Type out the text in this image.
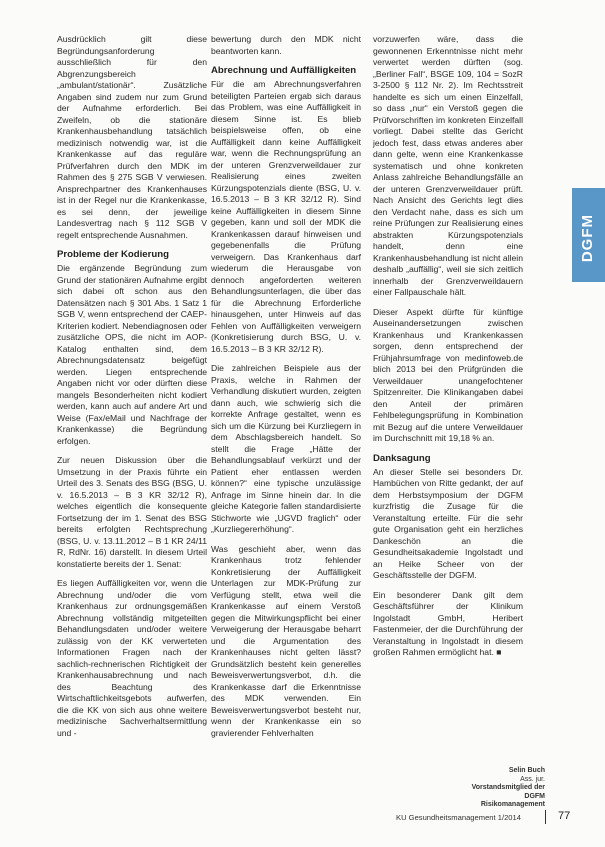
Ausdrücklich gilt diese Begründungsanforderung ausschließlich für den Abgrenzungsbereich „ambulant/stationär“. Zusätzliche Angaben sind zudem nur zum Grund der Aufnahme erforderlich. Bei Zweifeln, ob die stationäre Krankenhausbehandlung tatsächlich medizinisch notwendig war, ist die Krankenkasse auf das reguläre Prüfverfahren durch den MDK im Rahmen des § 275 SGB V verwiesen. Ansprechpartner des Krankenhauses ist in der Regel nur die Krankenkasse, es sei denn, der jeweilige Landesvertrag nach § 112 SGB V regelt entsprechende Ausnahmen.

Probleme der Kodierung

Die ergänzende Begründung zum Grund der stationären Aufnahme ergibt sich dabei oft schon aus den Datensätzen nach § 301 Abs. 1 Satz 1 SGB V, wenn entsprechend der CAEP-Kriterien kodiert. Nebendiagnosen oder zusätzliche OPS, die nicht im AOP-Katalog enthalten sind, dem Abrechnungsdatensatz beigefügt werden. Liegen entsprechende Angaben nicht vor oder dürften diese mangels Besonderheiten nicht kodiert werden, kann auch auf andere Art und Weise (Fax/eMail und Nachfrage der Krankenkasse) die Begründung erfolgen.

Zur neuen Diskussion über die Umsetzung in der Praxis führte ein Urteil des 3. Senats des BSG (BSG, U. v. 16.5.2013 – B 3 KR 32/12 R), welches eigentlich die konsequente Fortsetzung der im 1. Senat des BSG bereits erfolgten Rechtsprechung (BSG, U. v. 13.11.2012 – B 1 KR 24/11 R, RdNr. 16) darstellt. In diesem Urteil konstatierte bereits der 1. Senat:

Es liegen Auffälligkeiten vor, wenn die Abrechnung und/oder die vom Krankenhaus zur ordnungsgemäßen Abrechnung vollständig mitgeteilten Behandlungsdaten und/oder weitere zulässig von der KK verwerteten Informationen Fragen nach der sachlich-rechnerischen Richtigkeit der Krankenhausabrechnung und nach des Beachtung des Wirtschaftlichkeitsgebots aufwerfen, die die KK von sich aus ohne weitere medizinische Sachverhaltsermittlung und -

bewertung durch den MDK nicht beantworten kann.

Abrechnung und Auffälligkeiten

Für die am Abrechnungsverfahren beteiligten Parteien ergab sich daraus das Problem, was eine Auffälligkeit in diesem Sinne ist. Es blieb beispielsweise offen, ob eine Auffälligkeit dann keine Auffälligkeit war, wenn die Rechnungsprüfung an der unteren Grenzverweildauer zur Realisierung eines zweiten Kürzungspotenzials diente (BSG, U. v. 16.5.2013 – B 3 KR 32/12 R). Sind keine Auffälligkeiten in diesem Sinne gegeben, kann und soll der MDK die Krankenkassen darauf hinweisen und gegebenenfalls die Prüfung verweigern. Das Krankenhaus darf wiederum die Herausgabe von dennoch angeforderten weiteren Behandlungsunterlagen, die über das für die Abrechnung Erforderliche hinausgehen, unter Hinweis auf das Fehlen von Auffälligkeiten verweigern (Konkretisierung durch BSG, U. v. 16.5.2013 – B 3 KR 32/12 R).

Die zahlreichen Beispiele aus der Praxis, welche in Rahmen der Verhandlung diskutiert wurden, zeigten dann auch, wie schwierig sich die korrekte Anfrage gestaltet, wenn es sich um die Kürzung bei Kurzliegern in dem Abschlagsbereich handelt. So stellt die Frage „Hätte der Behandlungsablauf verkürzt und der Patient eher entlassen werden können?“ eine typische unzulässige Anfrage im Sinne hinein dar. In die gleiche Kategorie fallen standardisierte Stichworte wie „UGVD fraglich“ oder „Kurzliegererhöhung“.

Was geschieht aber, wenn das Krankenhaus trotz fehlender Konkretisierung der Auffälligkeit Unterlagen zur MDK-Prüfung zur Verfügung stellt, etwa weil die Krankenkasse auf einem Verstoß gegen die Mitwirkungspflicht bei einer Verweigerung der Herausgabe beharrt und die Argumentation des Krankenhauses nicht gelten lässt? Grundsätzlich besteht kein generelles Beweisverwertungsverbot, d.h. die Krankenkasse darf die Erkenntnisse des MDK verwenden. Ein Beweisverwertungsverbot besteht nur, wenn der Krankenkasse ein so gravierender Fehlverhalten

vorzuwerfen wäre, dass die gewonnenen Erkenntnisse nicht mehr verwertet werden dürften (sog. „Berliner Fall“, BSGE 109, 104 = SozR 3-2500 § 112 Nr. 2). Im Rechtsstreit handelte es sich um einen Einzelfall, so dass „nur“ ein Verstoß gegen die Prüfvorschriften im konkreten Einzelfall vorliegt. Dabei stellte das Gericht jedoch fest, dass etwas anderes aber dann gelte, wenn eine Krankenkasse systematisch und ohne konkreten Anlass zahlreiche Behandlungsfälle an der unteren Grenzverweildauer prüft. Nach Ansicht des Gerichts legt dies den Verdacht nahe, dass es sich um reine Prüfungen zur Realisierung eines abstrakten Kürzungspotenzials handelt, denn eine Krankenhausbehandlung ist nicht allein deshalb „auffällig“, weil sie sich zeitlich innerhalb der Grenzverweildauern einer Fallpauschale hält.

Dieser Aspekt dürfte für künftige Auseinandersetzungen zwischen Krankenhaus und Krankenkassen sorgen, denn entsprechend der Frühjahrsumfrage von medinfoweb.de blich 2013 bei den Prüfgründen die Verweildauer unangefochtener Spitzenreiter. Die Klinikangaben dabei den Anteil der primären Fehlbelegungsprüfung in Kombination mit Bezug auf die untere Verweildauer im Durchschnitt mit 19,18 % an.

Danksagung

An dieser Stelle sei besonders Dr. Hambüchen von Ritte gedankt, der auf dem Herbstsymposium der DGFM kurzfristig die Zusage für die Veranstaltung erteilte. Für die sehr gute Organisation geht ein herzliches Dankeschön an die Gesundheitsakademie Ingolstadt und an Heike Scheer von der Geschäftsstelle der DGFM.

Ein besonderer Dank gilt dem Geschäftsführer der Klinikum Ingolstadt GmbH, Heribert Fastenmeier, der die Durchführung der Veranstaltung in Ingolstadt in diesem großen Rahmen ermöglicht hat. ■

DGFM
Selin Buch
Ass. jur.
Vorstandsmitglied der DGFM
Risikomanagement
KU Gesundheitsmanagement 1/2014	77
